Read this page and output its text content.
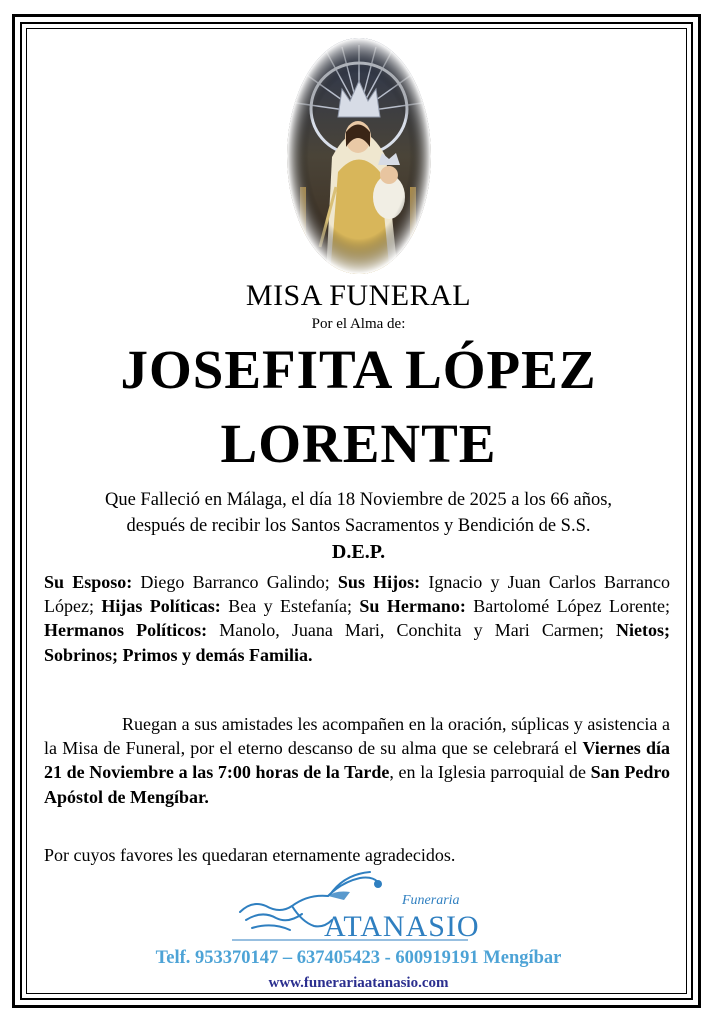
MISA FUNERAL
Por el Alma de:
JOSEFITA LÓPEZ
LORENTE
Que Falleció en Málaga, el día 18 Noviembre de 2025 a los 66 años,
después de recibir los Santos Sacramentos y Bendición de S.S.
D.E.P.
Su Esposo: Diego Barranco Galindo; Sus Hijos: Ignacio y Juan Carlos Barranco López; Hijas Políticas: Bea y Estefanía; Su Hermano: Bartolomé López Lorente; Hermanos Políticos: Manolo, Juana Mari, Conchita y Mari Carmen; Nietos; Sobrinos; Primos y demás Familia.
Ruegan a sus amistades les acompañen en la oración, súplicas y asistencia a la Misa de Funeral, por el eterno descanso de su alma que se celebrará el Viernes día 21 de Noviembre a las 7:00 horas de la Tarde, en la Iglesia parroquial de San Pedro Apóstol de Mengíbar.
Por cuyos favores les quedaran eternamente agradecidos.
Funeraria
ATANASIO
Telf. 953370147 – 637405423 - 600919191 Mengíbar
www.funerariaatanasio.com
